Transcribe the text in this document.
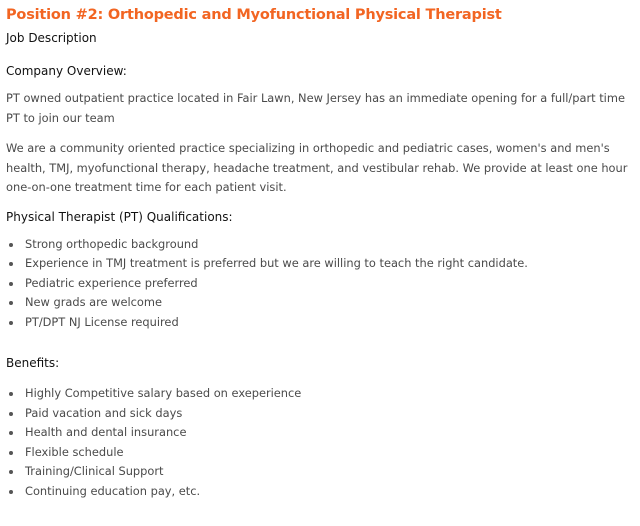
Position #2: Orthopedic and Myofunctional Physical Therapist

Job Description

Company Overview:

PT owned outpatient practice located in Fair Lawn, New Jersey has an immediate opening for a full/part time PT to join our team

We are a community oriented practice specializing in orthopedic and pediatric cases, women's and men's health, TMJ, myofunctional therapy, headache treatment, and vestibular rehab. We provide at least one hour one-on-one treatment time for each patient visit.

Physical Therapist (PT) Qualifications:

Strong orthopedic background
Experience in TMJ treatment is preferred but we are willing to teach the right candidate.
Pediatric experience preferred
New grads are welcome
PT/DPT NJ License required

Benefits:

Highly Competitive salary based on exeperience
Paid vacation and sick days
Health and dental insurance
Flexible schedule
Training/Clinical Support
Continuing education pay, etc.
